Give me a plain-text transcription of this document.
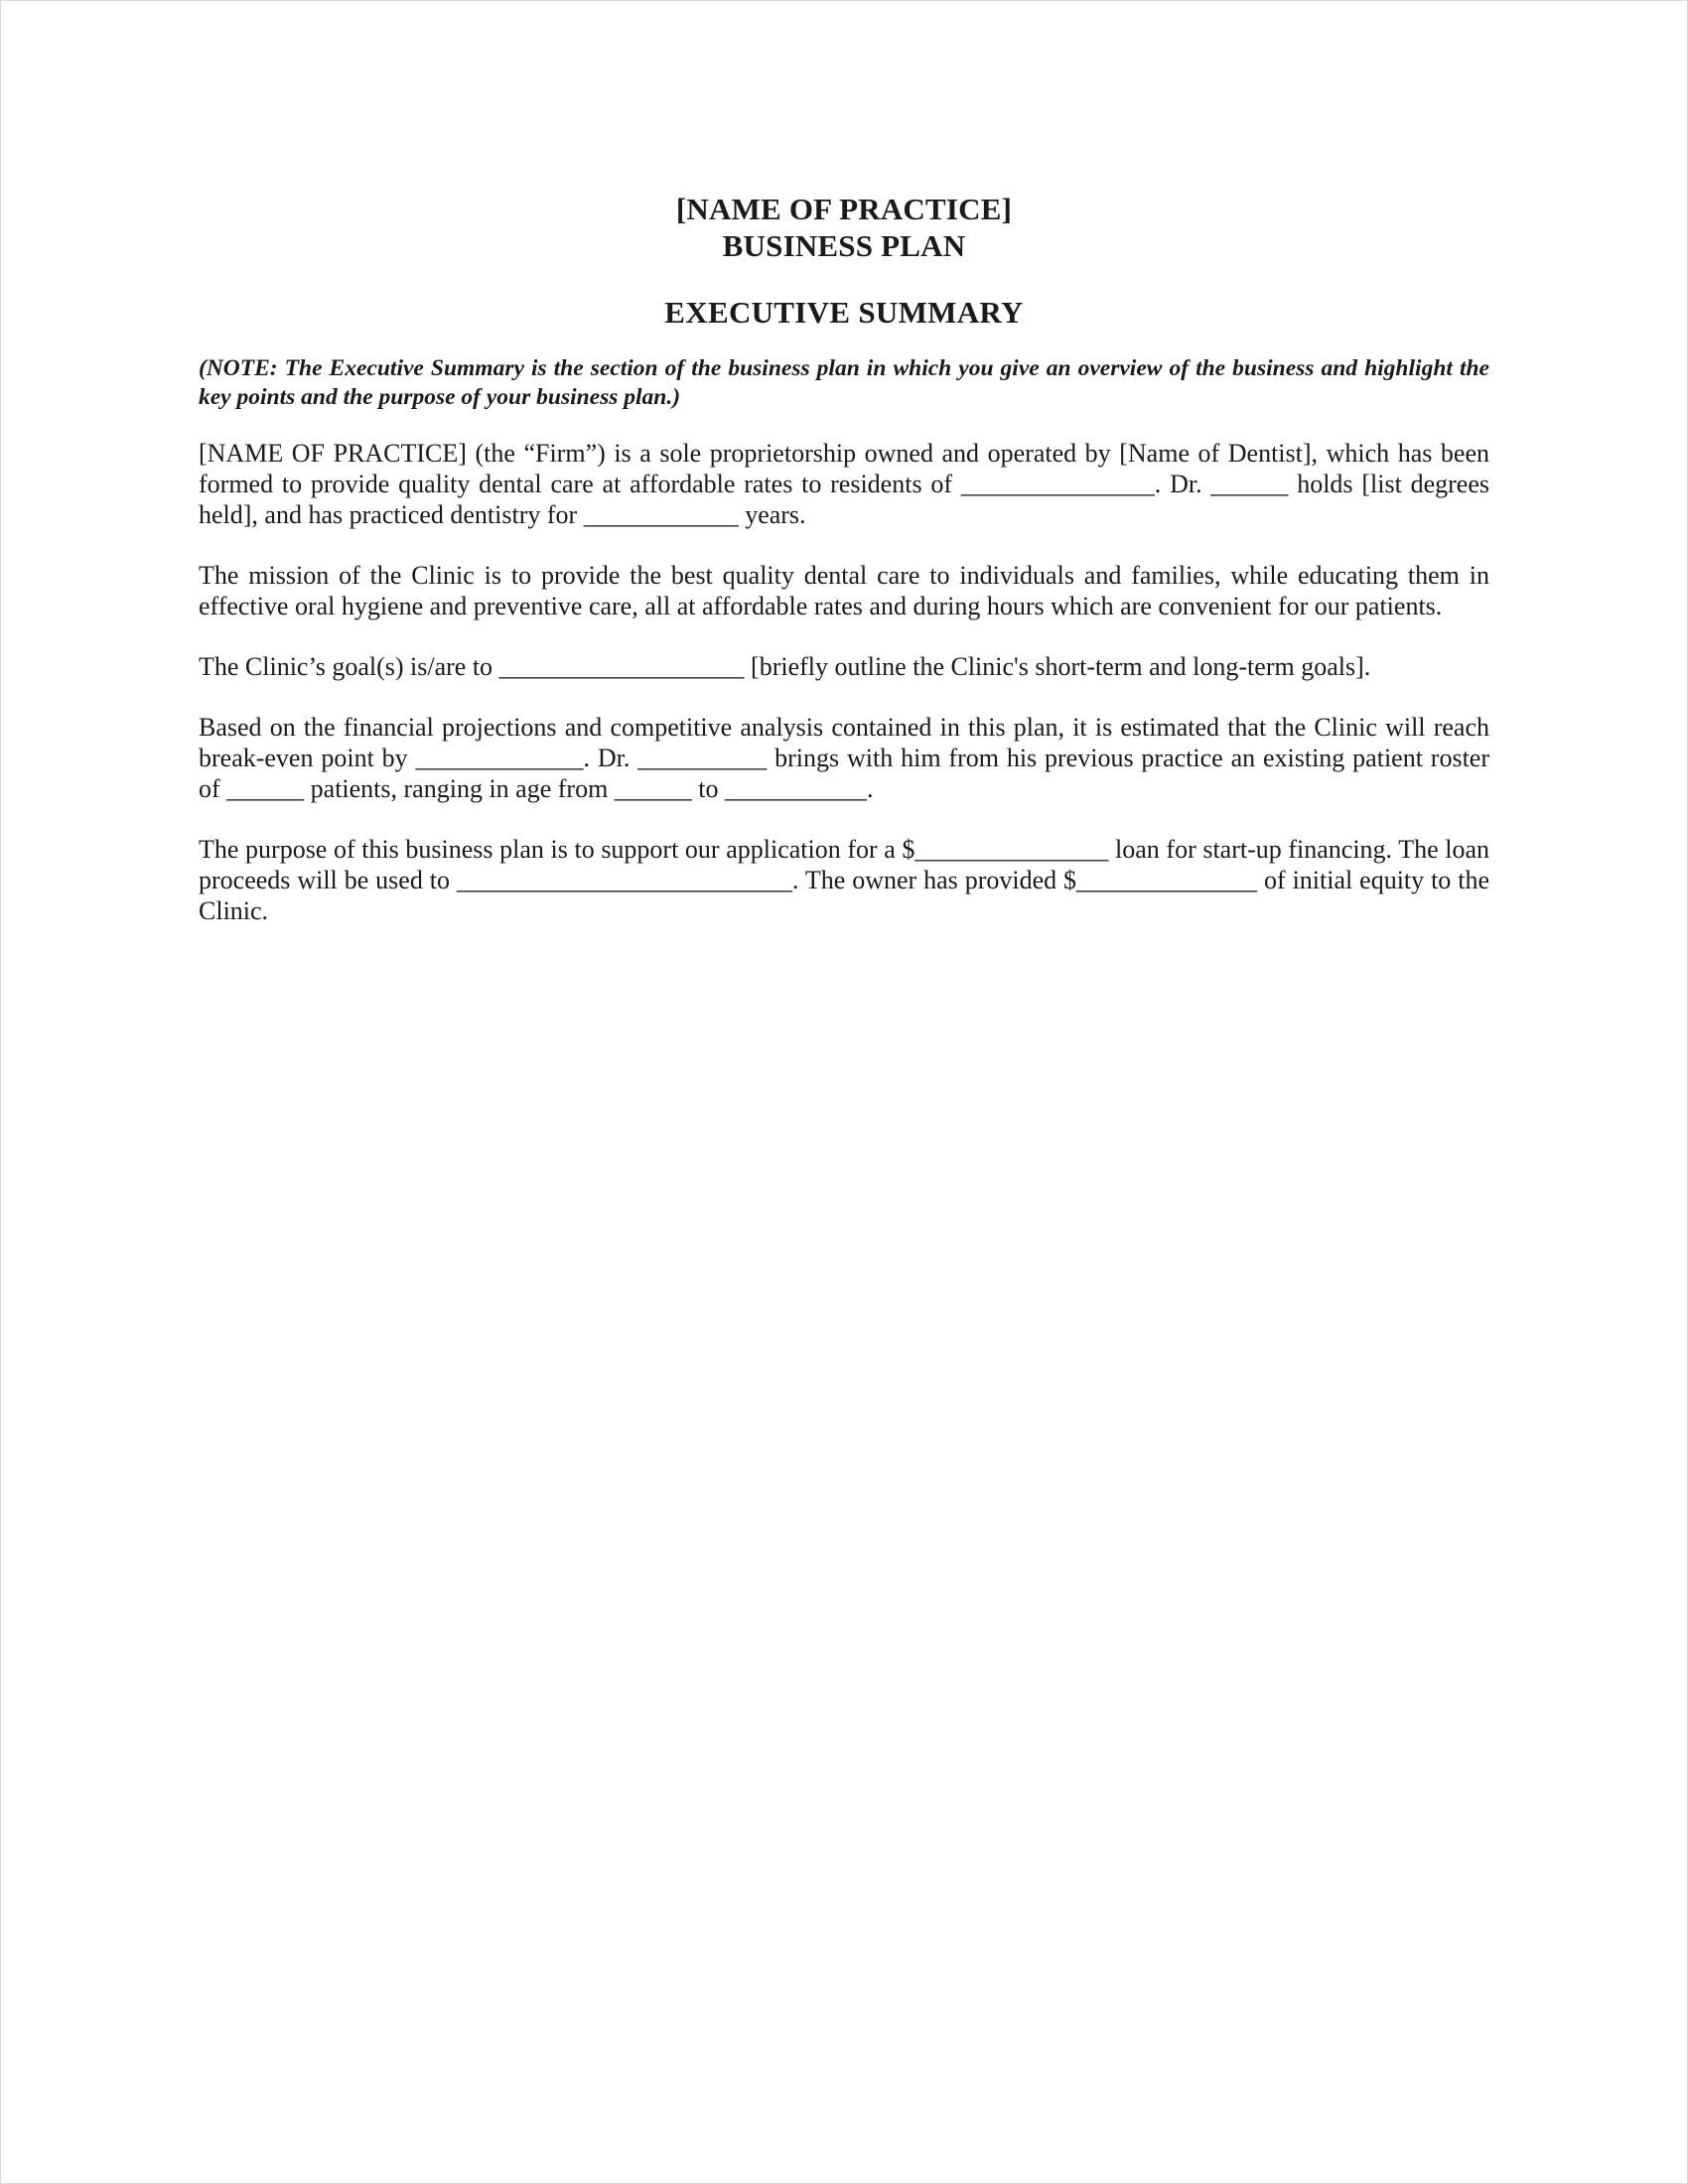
[NAME OF PRACTICE]
BUSINESS PLAN
EXECUTIVE SUMMARY

(NOTE: The Executive Summary is the section of the business plan in which you give an overview of the business and highlight the key points and the purpose of your business plan.)

[NAME OF PRACTICE] (the “Firm”) is a sole proprietorship owned and operated by [Name of Dentist], which has been formed to provide quality dental care at affordable rates to residents of _______________. Dr. ______ holds [list degrees held], and has practiced dentistry for ____________ years.

The mission of the Clinic is to provide the best quality dental care to individuals and families, while educating them in effective oral hygiene and preventive care, all at affordable rates and during hours which are convenient for our patients.

The Clinic’s goal(s) is/are to ___________________ [briefly outline the Clinic's short-term and long-term goals].

Based on the financial projections and competitive analysis contained in this plan, it is estimated that the Clinic will reach break-even point by _____________. Dr. __________ brings with him from his previous practice an existing patient roster of ______ patients, ranging in age from ______ to ___________.

The purpose of this business plan is to support our application for a $_______________ loan for start-up financing. The loan proceeds will be used to __________________________. The owner has provided $______________ of initial equity to the Clinic.
